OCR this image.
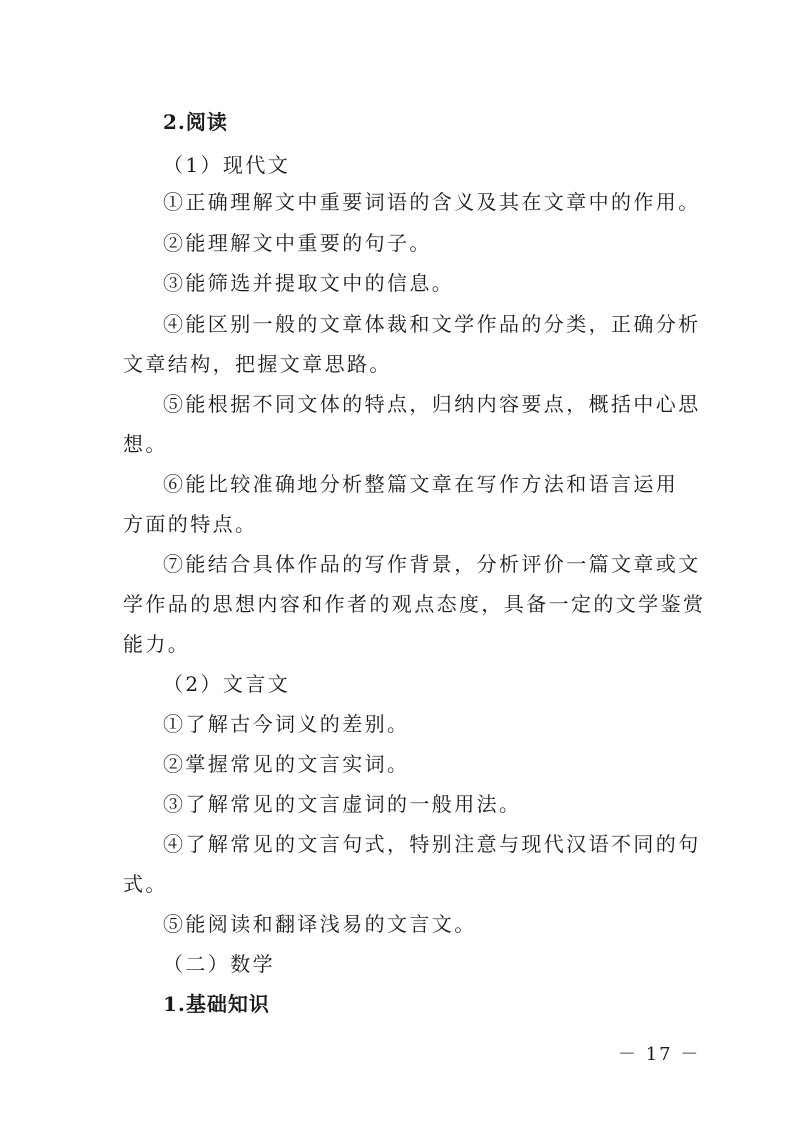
2.阅读
（1）现代文
①正确理解文中重要词语的含义及其在文章中的作用。
②能理解文中重要的句子。
③能筛选并提取文中的信息。
④能区别一般的文章体裁和文学作品的分类，正确分析
文章结构，把握文章思路。
⑤能根据不同文体的特点，归纳内容要点，概括中心思
想。
⑥能比较准确地分析整篇文章在写作方法和语言运用
方面的特点。
⑦能结合具体作品的写作背景，分析评价一篇文章或文
学作品的思想内容和作者的观点态度，具备一定的文学鉴赏
能力。
（2）文言文
①了解古今词义的差别。
②掌握常见的文言实词。
③了解常见的文言虚词的一般用法。
④了解常见的文言句式，特别注意与现代汉语不同的句
式。
⑤能阅读和翻译浅易的文言文。
（二）数学
1.基础知识
－ 17 －
